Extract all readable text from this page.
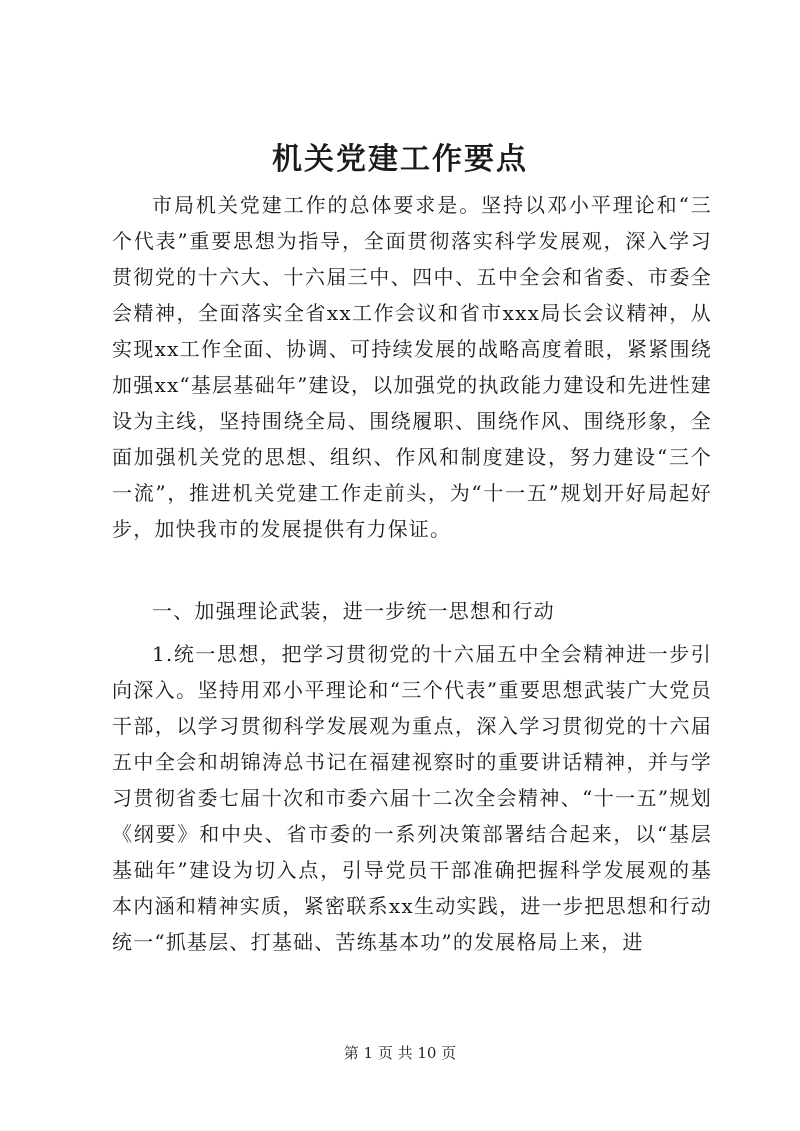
机关党建工作要点

市局机关党建工作的总体要求是。坚持以邓小平理论和“三个代表”重要思想为指导，全面贯彻落实科学发展观，深入学习贯彻党的十六大、十六届三中、四中、五中全会和省委、市委全会精神，全面落实全省xx工作会议和省市xxx局长会议精神，从实现xx工作全面、协调、可持续发展的战略高度着眼，紧紧围绕加强xx“基层基础年”建设，以加强党的执政能力建设和先进性建设为主线，坚持围绕全局、围绕履职、围绕作风、围绕形象，全面加强机关党的思想、组织、作风和制度建设，努力建设“三个一流”，推进机关党建工作走前头，为“十一五”规划开好局起好步，加快我市的发展提供有力保证。

一、加强理论武装，进一步统一思想和行动

1.统一思想，把学习贯彻党的十六届五中全会精神进一步引向深入。坚持用邓小平理论和“三个代表”重要思想武装广大党员干部，以学习贯彻科学发展观为重点，深入学习贯彻党的十六届五中全会和胡锦涛总书记在福建视察时的重要讲话精神，并与学习贯彻省委七届十次和市委六届十二次全会精神、“十一五”规划《纲要》和中央、省市委的一系列决策部署结合起来，以“基层基础年”建设为切入点，引导党员干部准确把握科学发展观的基本内涵和精神实质，紧密联系xx生动实践，进一步把思想和行动统一“抓基层、打基础、苦练基本功”的发展格局上来，进

第 1 页 共 10 页
